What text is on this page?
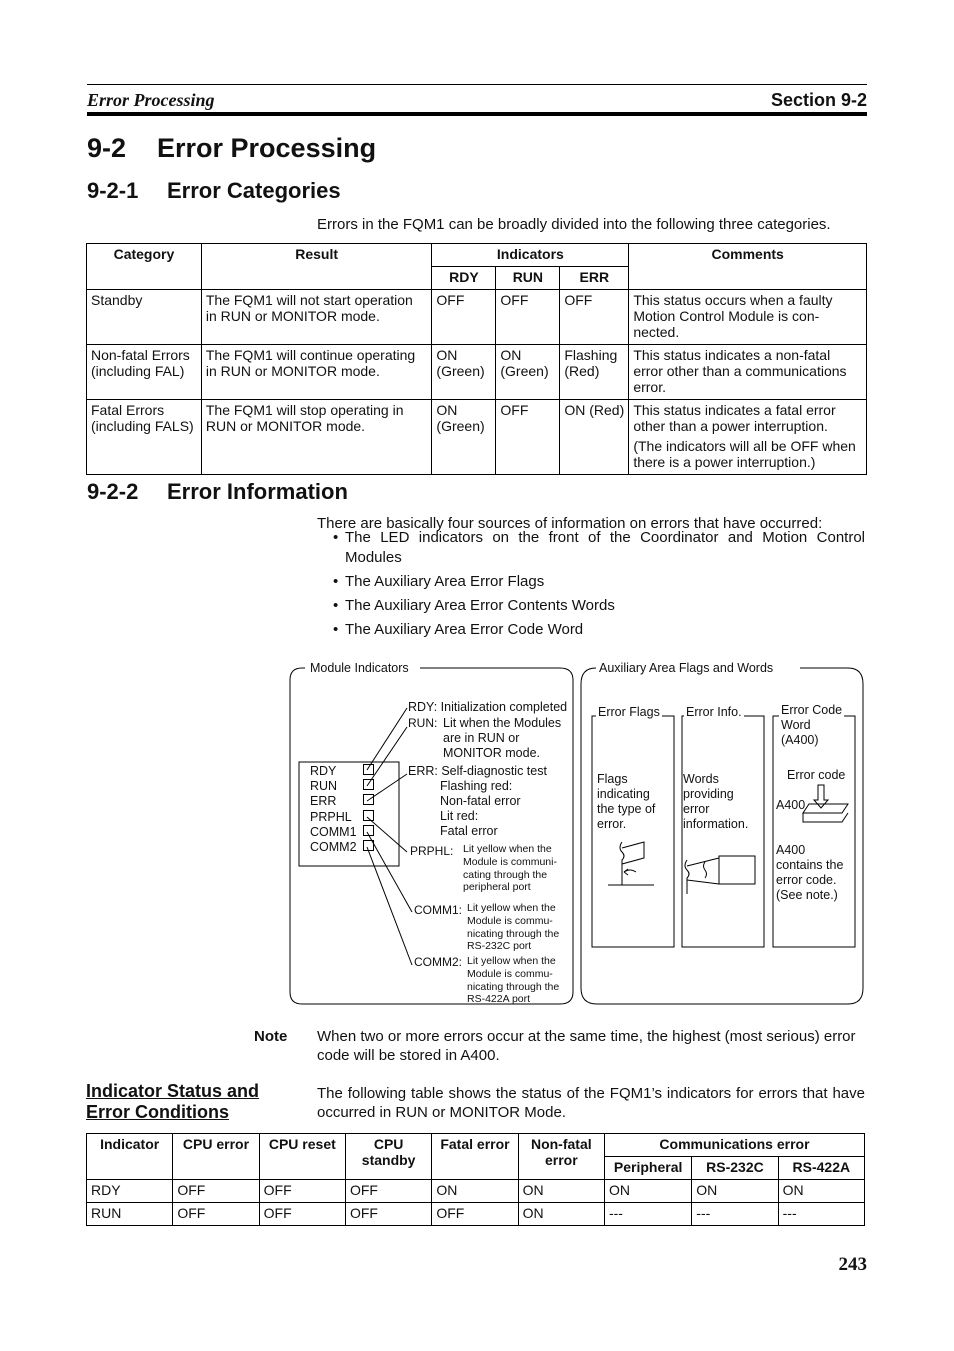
Error Processing	Section 9-2
9-2 Error Processing
9-2-1 Error Categories
Errors in the FQM1 can be broadly divided into the following three categories.
Category	Result	Indicators			Comments
		RDY	RUN	ERR	
Standby	The FQM1 will not start operation in RUN or MONITOR mode.	OFF	OFF	OFF	This status occurs when a faulty Motion Control Module is con-nected.
Non-fatal Errors (including FAL)	The FQM1 will continue operating in RUN or MONITOR mode.	ON (Green)	ON (Green)	Flashing (Red)	This status indicates a non-fatal error other than a communications error.
Fatal Errors (including FALS)	The FQM1 will stop operating in RUN or MONITOR mode.	ON (Green)	OFF	ON (Red)	This status indicates a fatal error other than a power interruption.
(The indicators will all be OFF when there is a power interruption.)
9-2-2 Error Information
There are basically four sources of information on errors that have occurred:
• The LED indicators on the front of the Coordinator and Motion Control Modules
• The Auxiliary Area Error Flags
• The Auxiliary Area Error Contents Words
• The Auxiliary Area Error Code Word
Module Indicators	Auxiliary Area Flags and Words
RDY
RUN
ERR
PRPHL
COMM1
COMM2
RDY: Initialization completed
RUN: Lit when the Modules
are in RUN or
MONITOR mode.
ERR: Self-diagnostic test
Flashing red:
Non-fatal error
Lit red:
Fatal error
PRPHL: Lit yellow when the
Module is communi-
cating through the
peripheral port
COMM1: Lit yellow when the
Module is commu-
nicating through the
RS-232C port
COMM2: Lit yellow when the
Module is commu-
nicating through the
RS-422A port
Error Flags Error Info.	Error Code
Word
(A400)
Flags
indicating
the type of
error.
Words
providing
error
information.
Error code
A400
A400
contains the
error code.
(See note.)
Note When two or more errors occur at the same time, the highest (most serious) error code will be stored in A400.
Indicator Status and
Error Conditions
The following table shows the status of the FQM1’s indicators for errors that have occurred in RUN or MONITOR Mode.
Indicator	CPU error	CPU reset	CPU standby	Fatal error	Non-fatal error	Communications error		
						Peripheral	RS-232C	RS-422A
RDY	OFF	OFF	OFF	ON	ON	ON	ON	ON
RUN	OFF	OFF	OFF	OFF	ON	---	---	---
243
